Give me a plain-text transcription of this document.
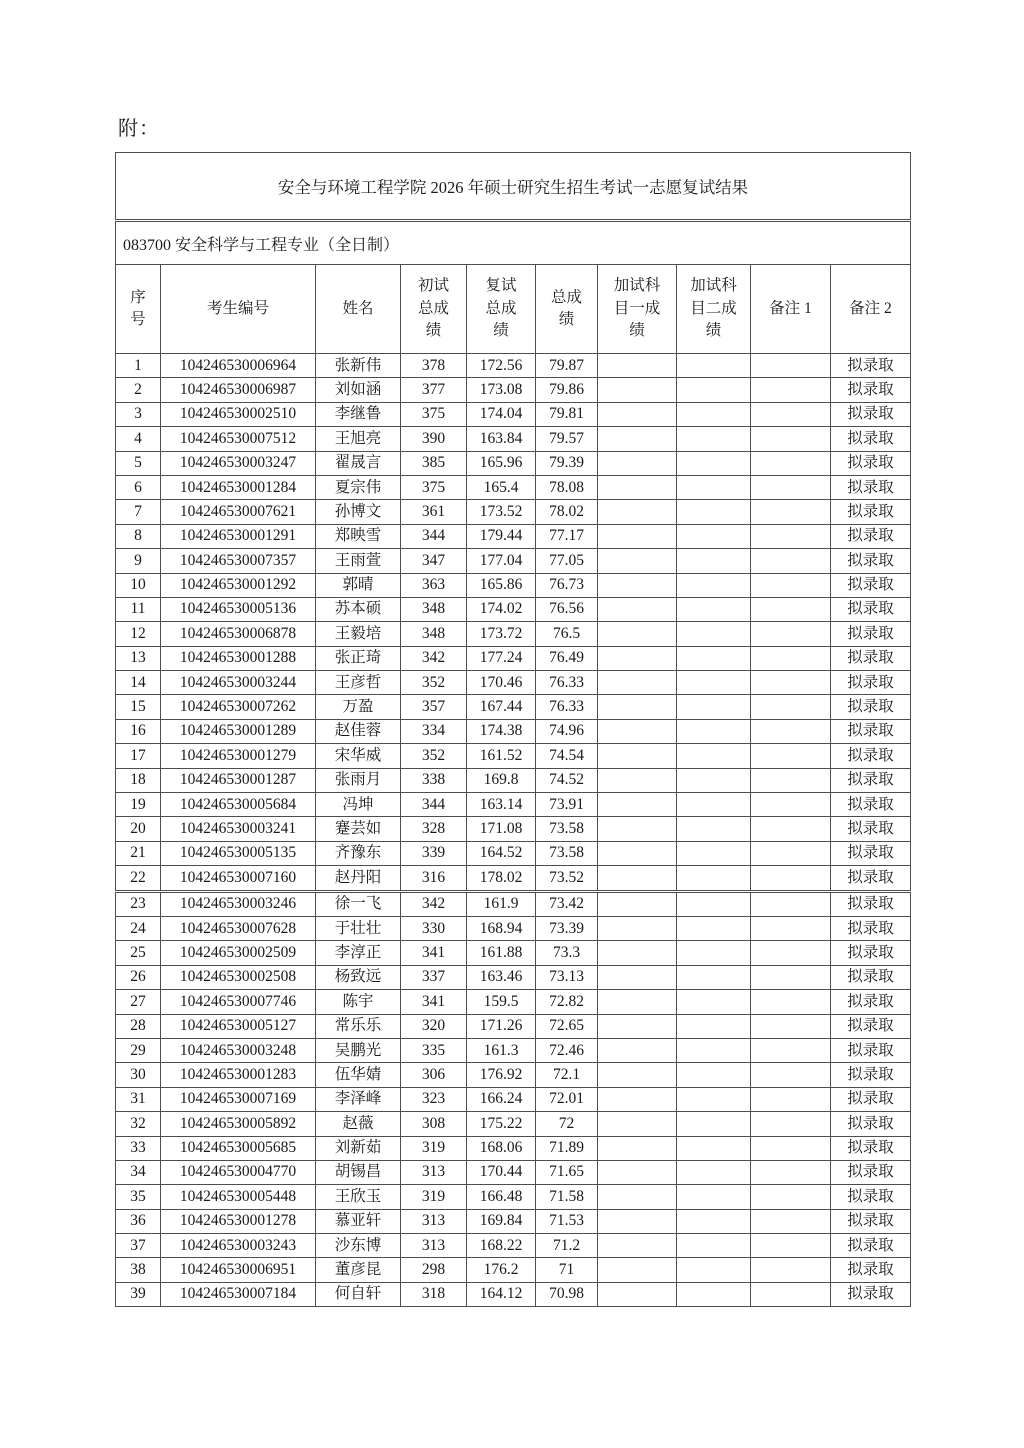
附：
安全与环境工程学院 2026 年硕士研究生招生考试一志愿复试结果									
083700 安全科学与工程专业（全日制）									
序号	考生编号	姓名	初试总成绩	复试总成绩	总成绩	加试科目一成绩	加试科目二成绩	备注 1	备注 2
1	104246530006964	张新伟	378	172.56	79.87				拟录取
2	104246530006987	刘如涵	377	173.08	79.86				拟录取
3	104246530002510	李继鲁	375	174.04	79.81				拟录取
4	104246530007512	王旭亮	390	163.84	79.57				拟录取
5	104246530003247	翟晟言	385	165.96	79.39				拟录取
6	104246530001284	夏宗伟	375	165.4	78.08				拟录取
7	104246530007621	孙博文	361	173.52	78.02				拟录取
8	104246530001291	郑映雪	344	179.44	77.17				拟录取
9	104246530007357	王雨萱	347	177.04	77.05				拟录取
10	104246530001292	郭晴	363	165.86	76.73				拟录取
11	104246530005136	苏本硕	348	174.02	76.56				拟录取
12	104246530006878	王毅培	348	173.72	76.5				拟录取
13	104246530001288	张正琦	342	177.24	76.49				拟录取
14	104246530003244	王彦哲	352	170.46	76.33				拟录取
15	104246530007262	万盈	357	167.44	76.33				拟录取
16	104246530001289	赵佳蓉	334	174.38	74.96				拟录取
17	104246530001279	宋华威	352	161.52	74.54				拟录取
18	104246530001287	张雨月	338	169.8	74.52				拟录取
19	104246530005684	冯坤	344	163.14	73.91				拟录取
20	104246530003241	蹇芸如	328	171.08	73.58				拟录取
21	104246530005135	齐豫东	339	164.52	73.58				拟录取
22	104246530007160	赵丹阳	316	178.02	73.52				拟录取
23	104246530003246	徐一飞	342	161.9	73.42				拟录取
24	104246530007628	于壮壮	330	168.94	73.39				拟录取
25	104246530002509	李淳正	341	161.88	73.3				拟录取
26	104246530002508	杨致远	337	163.46	73.13				拟录取
27	104246530007746	陈宇	341	159.5	72.82				拟录取
28	104246530005127	常乐乐	320	171.26	72.65				拟录取
29	104246530003248	吴鹏光	335	161.3	72.46				拟录取
30	104246530001283	伍华婧	306	176.92	72.1				拟录取
31	104246530007169	李泽峰	323	166.24	72.01				拟录取
32	104246530005892	赵薇	308	175.22	72				拟录取
33	104246530005685	刘新茹	319	168.06	71.89				拟录取
34	104246530004770	胡锡昌	313	170.44	71.65				拟录取
35	104246530005448	王欣玉	319	166.48	71.58				拟录取
36	104246530001278	慕亚轩	313	169.84	71.53				拟录取
37	104246530003243	沙东博	313	168.22	71.2				拟录取
38	104246530006951	董彦昆	298	176.2	71				拟录取
39	104246530007184	何自轩	318	164.12	70.98				拟录取
